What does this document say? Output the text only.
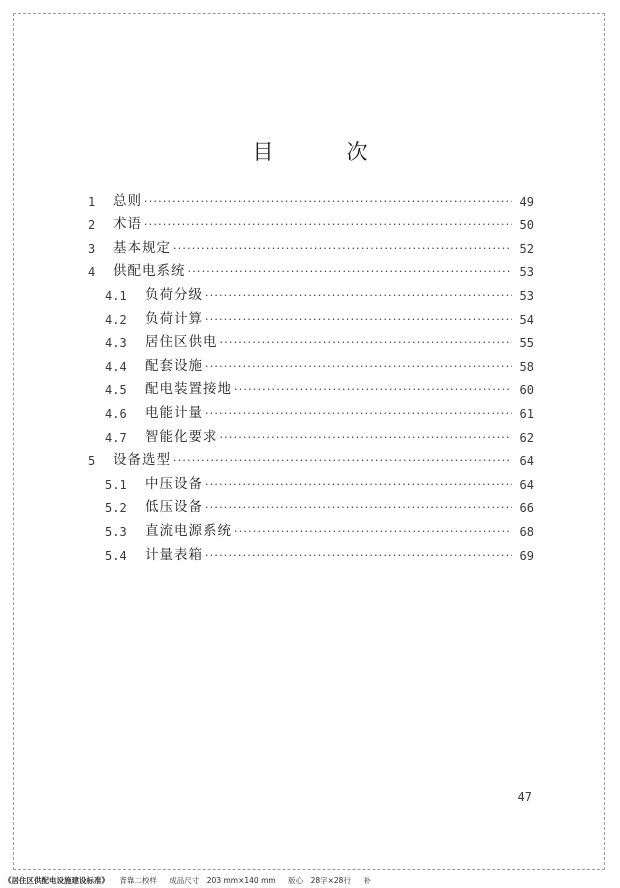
目　次
1	总则 ·····	49
2	术语 ·····	50
3	基本规定 ·····	52
4	供配电系统 ·····	53
4.1	负荷分级 ·····	53
4.2	负荷计算 ·····	54
4.3	居住区供电 ·····	55
4.4	配套设施 ·····	58
4.5	配电装置接地 ·····	60
4.6	电能计量 ·····	61
4.7	智能化要求 ·····	62
5	设备选型 ·····	64
5.1	中压设备 ·····	64
5.2	低压设备 ·····	66
5.3	直流电源系统 ·····	68
5.4	计量表箱 ·····	69
47
《居住区供配电设施建设标准》 背靠二校样 成品尺寸　203 mm×140 mm 版心　28字×28行 补
